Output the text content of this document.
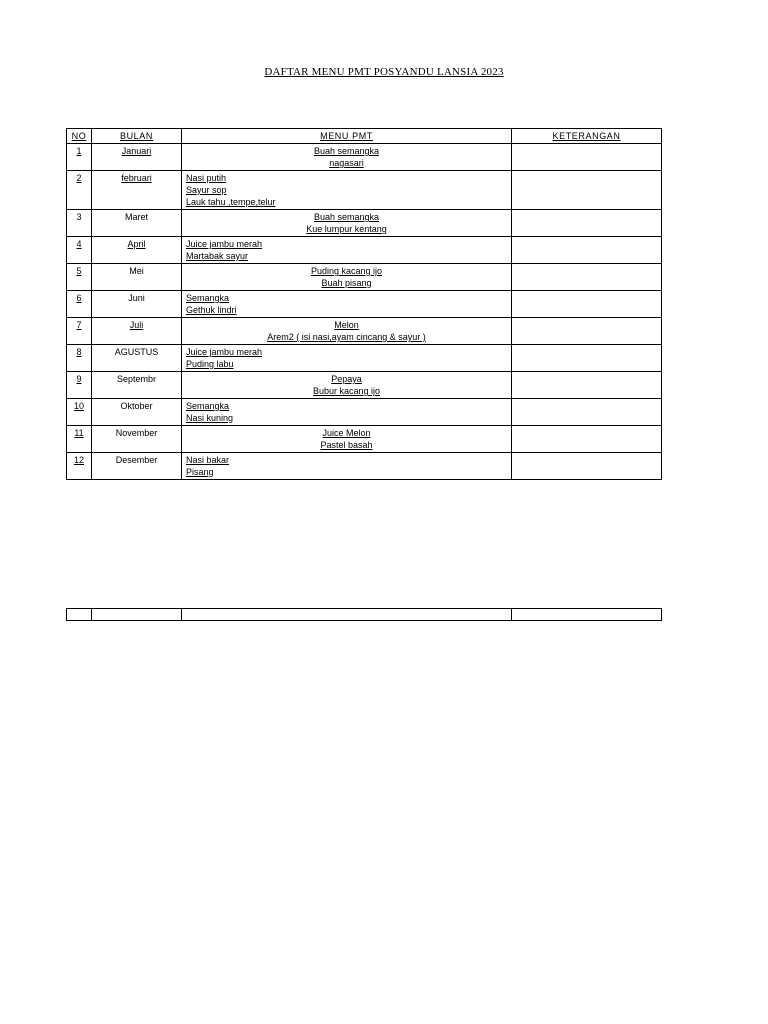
DAFTAR MENU PMT POSYANDU LANSIA 2023
NO	BULAN	MENU PMT	KETERANGAN
1	Januari	Buah semangka
nagasari	

2	februari	Nasi putih
Sayur sop
Lauk tahu ,tempe,telur	

3	Maret	Buah semangka
Kue lumpur kentang	

4	April	Juice jambu merah
Martabak sayur	

5	Mei	Puding kacang ijo
Buah pisang	

6	Juni	Semangka
Gethuk lindri	

7	Juli	Melon
Arem2 ( isi nasi,ayam cincang & sayur )	

8	AGUSTUS	Juice jambu merah
Puding labu	

9	Septembr	Pepaya
Bubur kacang ijo	

10	Oktober	Semangka
Nasi kuning	

11	November	Juice Melon
Pastel basah	

12	Desember	Nasi bakar
Pisang	
